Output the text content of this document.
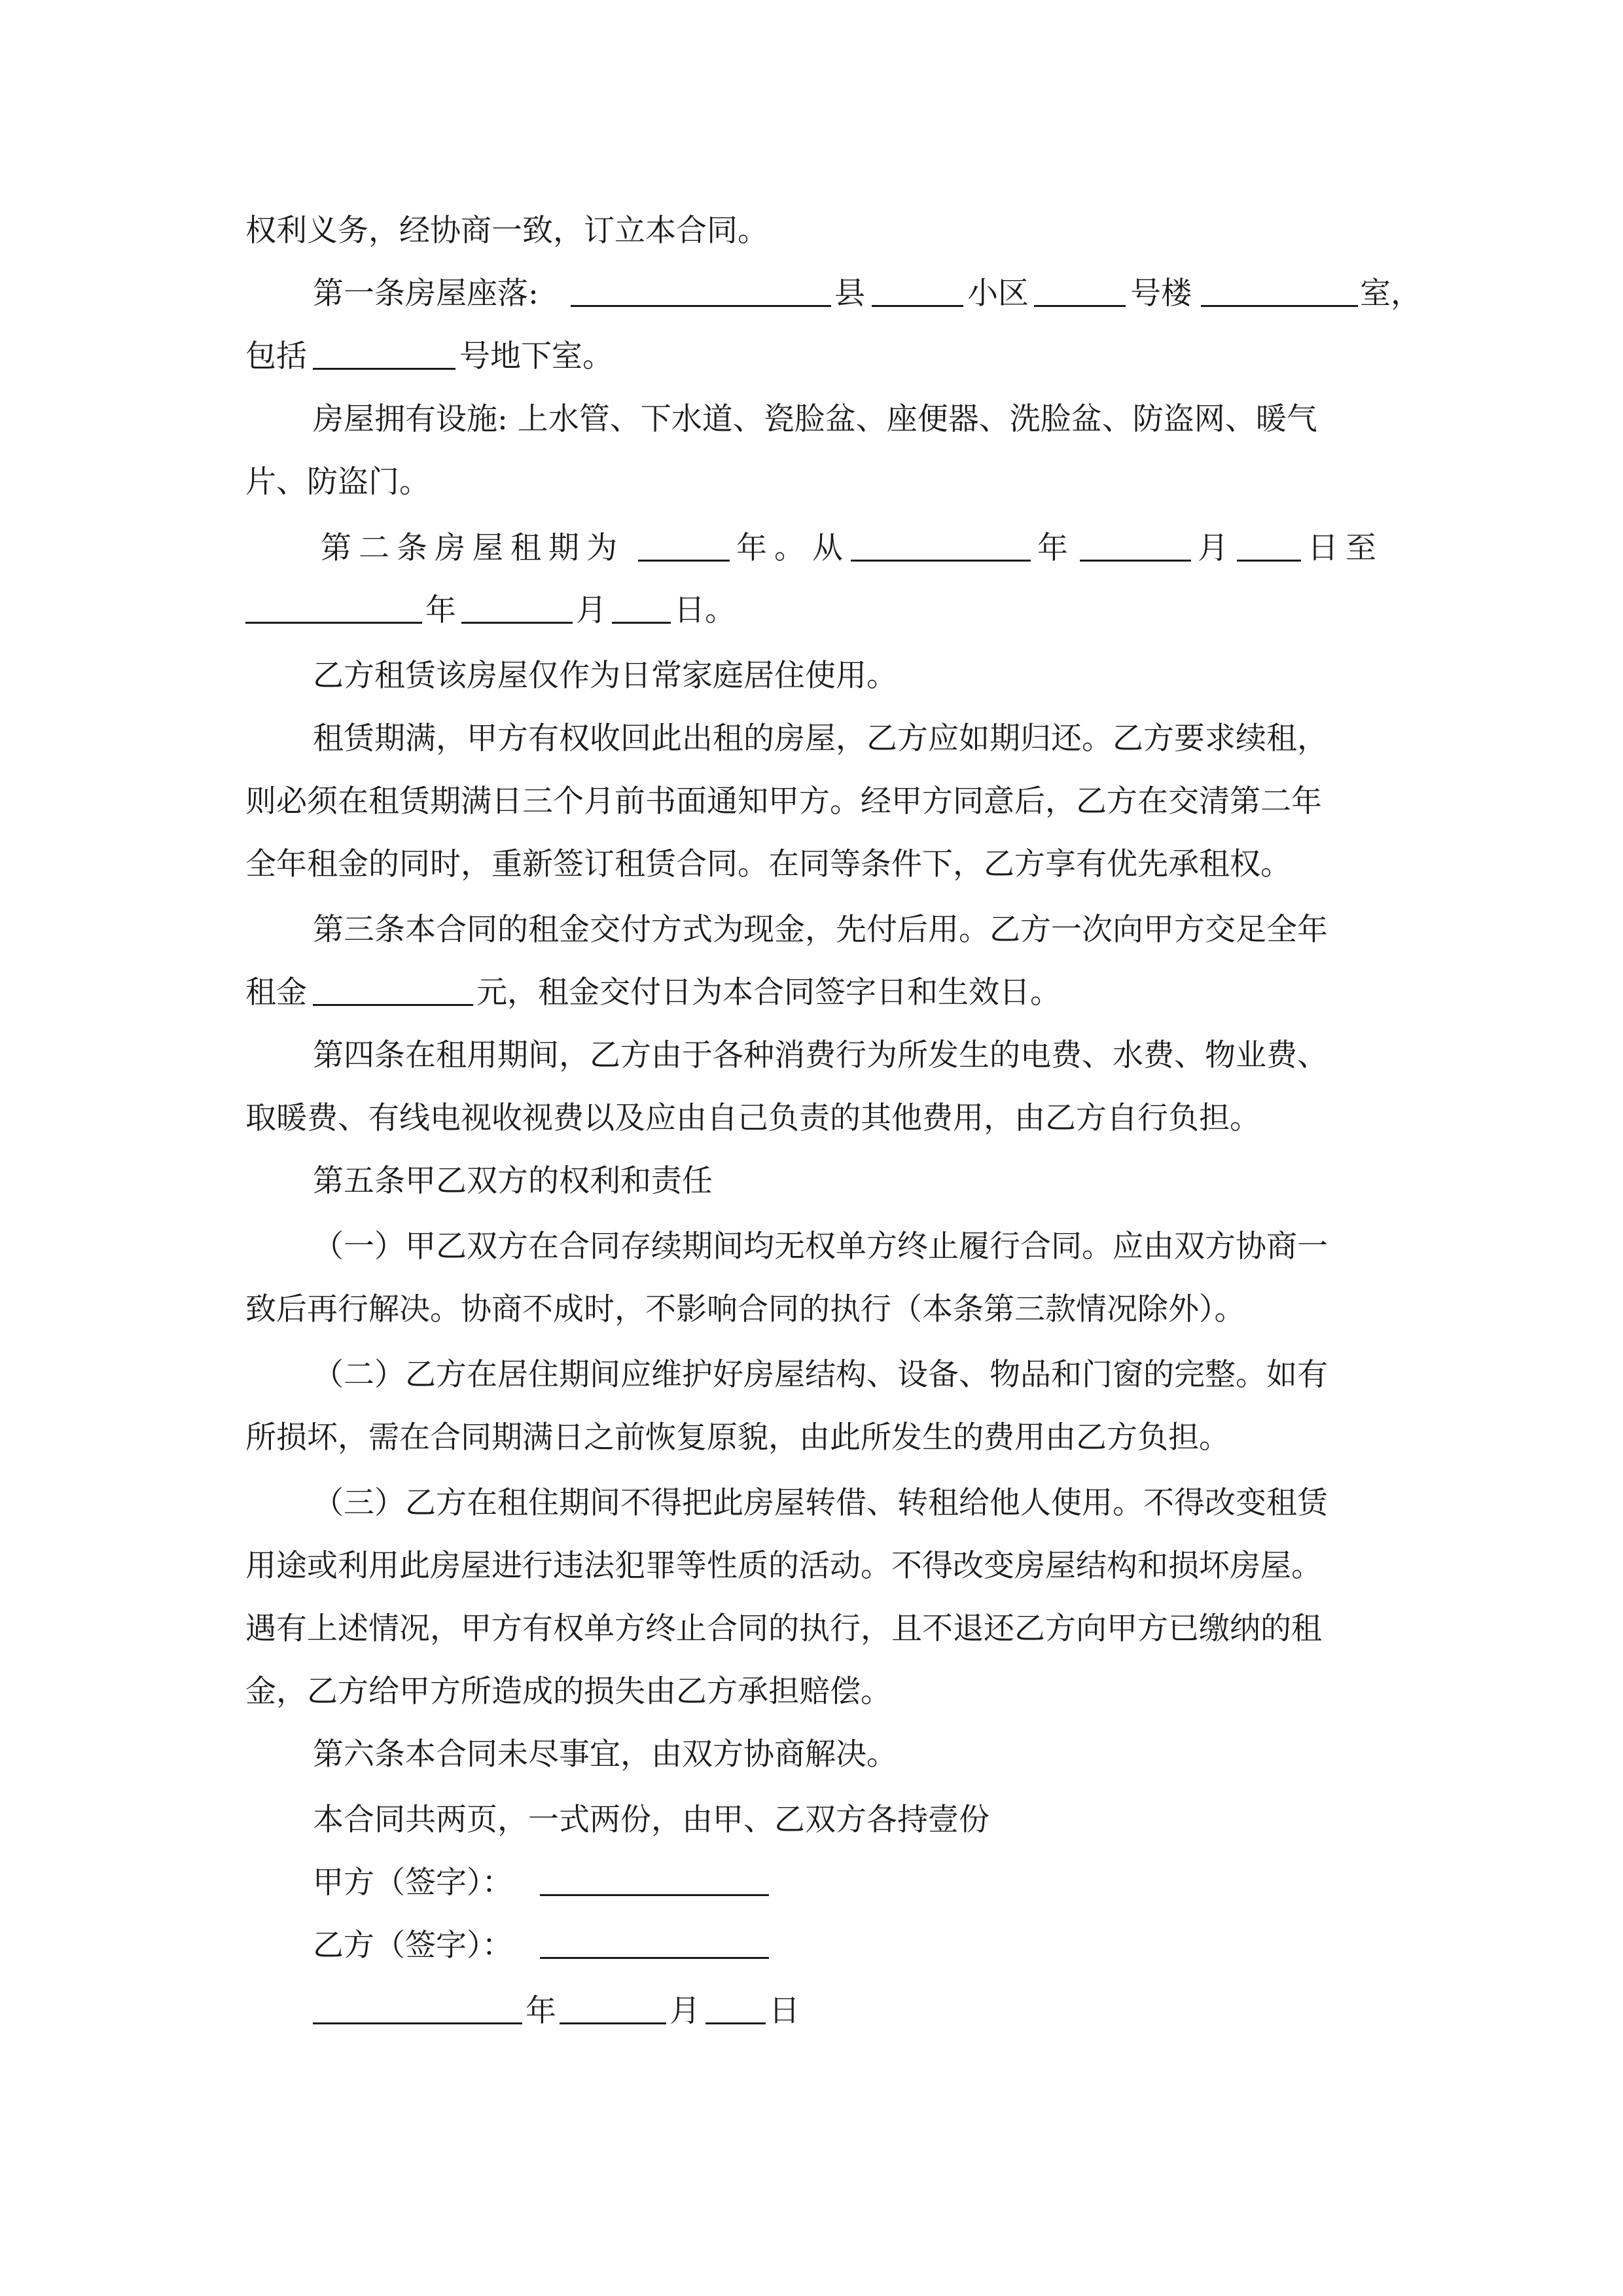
权利义务，经协商一致，订立本合同。
第一条房屋座落:	县	小区	号楼	室，
包括	号地下室。
房屋拥有设施: 上水管、下水道、瓷脸盆、座便器、洗脸盆、防盗网、暖气
片、防盗门。
第二条房屋租期为	年。从	年	月	日至
年	月 日。
乙方租赁该房屋仅作为日常家庭居住使用。
租赁期满，甲方有权收回此出租的房屋，乙方应如期归还。乙方要求续租，
则必须在租赁期满日三个月前书面通知甲方。经甲方同意后，乙方在交清第二年
全年租金的同时，重新签订租赁合同。在同等条件下，乙方享有优先承租权。
第三条本合同的租金交付方式为现金，先付后用。乙方一次向甲方交足全年
租金	元，租金交付日为本合同签字日和生效日。
第四条在租用期间，乙方由于各种消费行为所发生的电费、水费、物业费、
取暖费、有线电视收视费以及应由自己负责的其他费用，由乙方自行负担。
第五条甲乙双方的权利和责任
（一）甲乙双方在合同存续期间均无权单方终止履行合同。应由双方协商一
致后再行解决。协商不成时，不影响合同的执行（本条第三款情况除外）。
（二）乙方在居住期间应维护好房屋结构、设备、物品和门窗的完整。如有
所损坏，需在合同期满日之前恢复原貌，由此所发生的费用由乙方负担。
（三）乙方在租住期间不得把此房屋转借、转租给他人使用。不得改变租赁
用途或利用此房屋进行违法犯罪等性质的活动。不得改变房屋结构和损坏房屋。
遇有上述情况，甲方有权单方终止合同的执行，且不退还乙方向甲方已缴纳的租
金，乙方给甲方所造成的损失由乙方承担赔偿。
第六条本合同未尽事宜，由双方协商解决。
本合同共两页，一式两份，由甲、乙双方各持壹份
甲方（签字）：
乙方（签字）：
年	月 日
